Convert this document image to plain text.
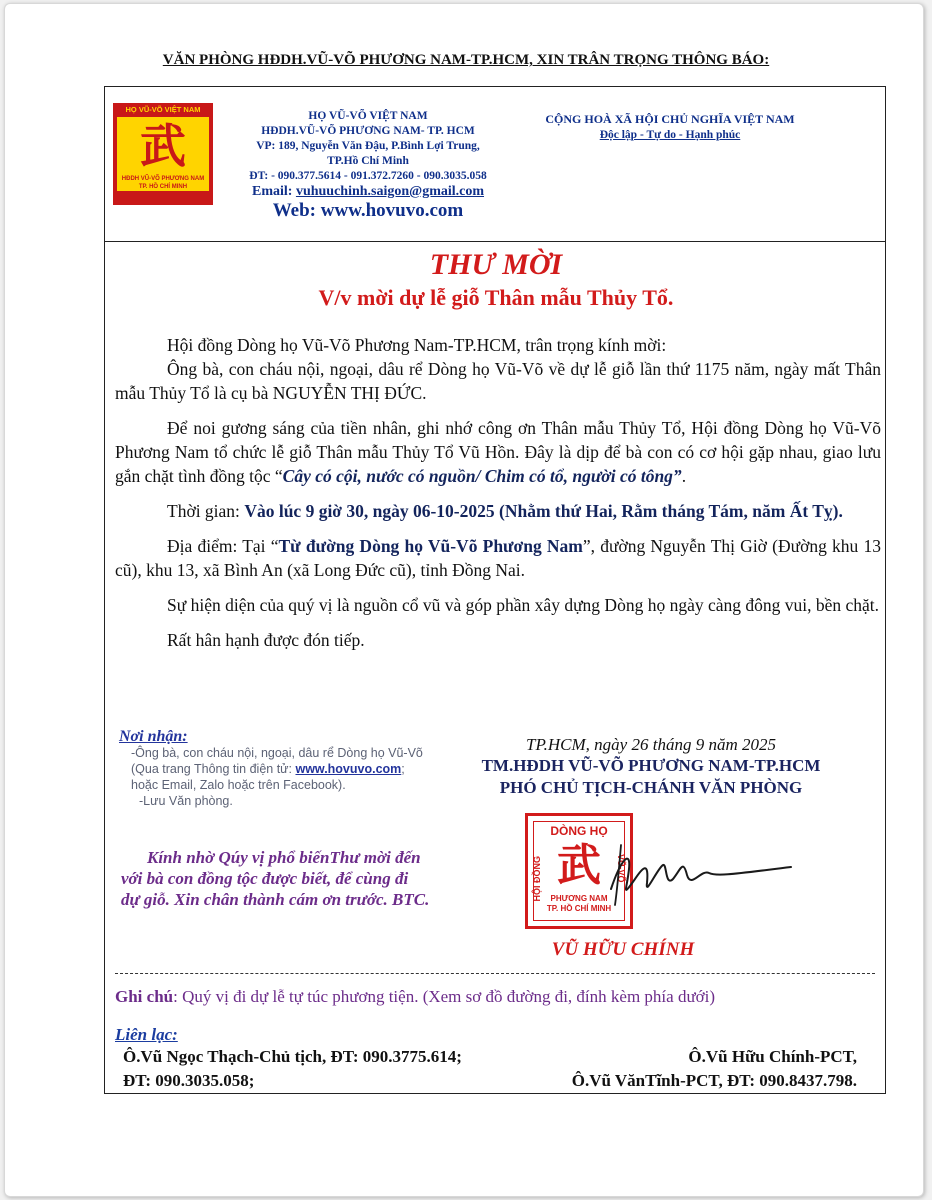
VĂN PHÒNG HĐDH.VŨ-VÕ PHƯƠNG NAM-TP.HCM, XIN TRÂN TRỌNG THÔNG BÁO:
HỌ VŨ-VÕ VIỆT NAM
武
HĐDH VŨ-VÕ PHƯƠNG NAM
TP. HỒ CHÍ MINH
HỌ VŨ-VÕ VIỆT NAM
HĐDH.VŨ-VÕ PHƯƠNG NAM- TP. HCM
VP: 189, Nguyễn Văn Đậu, P.Bình Lợi Trung,
TP.Hồ Chí Minh
ĐT: - 090.377.5614 - 091.372.7260 - 090.3035.058
Email: vuhuuchinh.saigon@gmail.com
Web: www.hovuvo.com
CỘNG HOÀ XÃ HỘI CHỦ NGHĨA VIỆT NAM
Độc lập - Tự do - Hạnh phúc
THƯ MỜI
V/v mời dự lễ giỗ Thân mẫu Thủy Tổ.

Hội đồng Dòng họ Vũ-Võ Phương Nam-TP.HCM, trân trọng kính mời:

Ông bà, con cháu nội, ngoại, dâu rể Dòng họ Vũ-Võ về dự lễ giỗ lần thứ 1175 năm, ngày mất Thân mẫu Thủy Tổ là cụ bà NGUYỄN THỊ ĐỨC.

Để noi gương sáng của tiền nhân, ghi nhớ công ơn Thân mẫu Thủy Tổ, Hội đồng Dòng họ Vũ-Võ Phương Nam tổ chức lễ giỗ Thân mẫu Thủy Tổ Vũ Hồn. Đây là dịp để bà con có cơ hội gặp nhau, giao lưu gắn chặt tình đồng tộc “Cây có cội, nước có nguồn/ Chim có tổ, người có tông”.

Thời gian: Vào lúc 9 giờ 30, ngày 06-10-2025 (Nhằm thứ Hai, Rằm tháng Tám, năm Ất Tỵ).

Địa điểm: Tại “Từ đường Dòng họ Vũ-Võ Phương Nam”, đường Nguyễn Thị Giờ (Đường khu 13 cũ), khu 13, xã Bình An (xã Long Đức cũ), tỉnh Đồng Nai.

Sự hiện diện của quý vị là nguồn cổ vũ và góp phần xây dựng Dòng họ ngày càng đông vui, bền chặt.

Rất hân hạnh được đón tiếp.

Nơi nhận:
-Ông bà, con cháu nội, ngoại, dâu rể Dòng họ Vũ-Võ (Qua trang Thông tin điện tử: www.hovuvo.com; hoặc Email, Zalo hoặc trên Facebook).
-Lưu Văn phòng.
Kính nhờ Qúy vị phổ biếnThư mời đến với bà con đồng tộc được biết, để cùng đi dự giỗ. Xin chân thành cám ơn trước. BTC.
TP.HCM, ngày 26 tháng 9 năm 2025
TM.HĐDH VŨ-VÕ PHƯƠNG NAM-TP.HCM
PHÓ CHỦ TỊCH-CHÁNH VĂN PHÒNG
DÒNG HỌ
HỘI ĐỒNG 武	VŨ-VÕ
PHƯƠNG NAM
TP. HỒ CHÍ MINH
VŨ HỮU CHÍNH
Ghi chú: Quý vị đi dự lễ tự túc phương tiện. (Xem sơ đồ đường đi, đính kèm phía dưới)
Liên lạc:
Ô.Vũ Ngọc Thạch-Chủ tịch, ĐT: 090.3775.614;	Ô.Vũ Hữu Chính-PCT,
ĐT: 090.3035.058;	Ô.Vũ VănTĩnh-PCT, ĐT: 090.8437.798.
